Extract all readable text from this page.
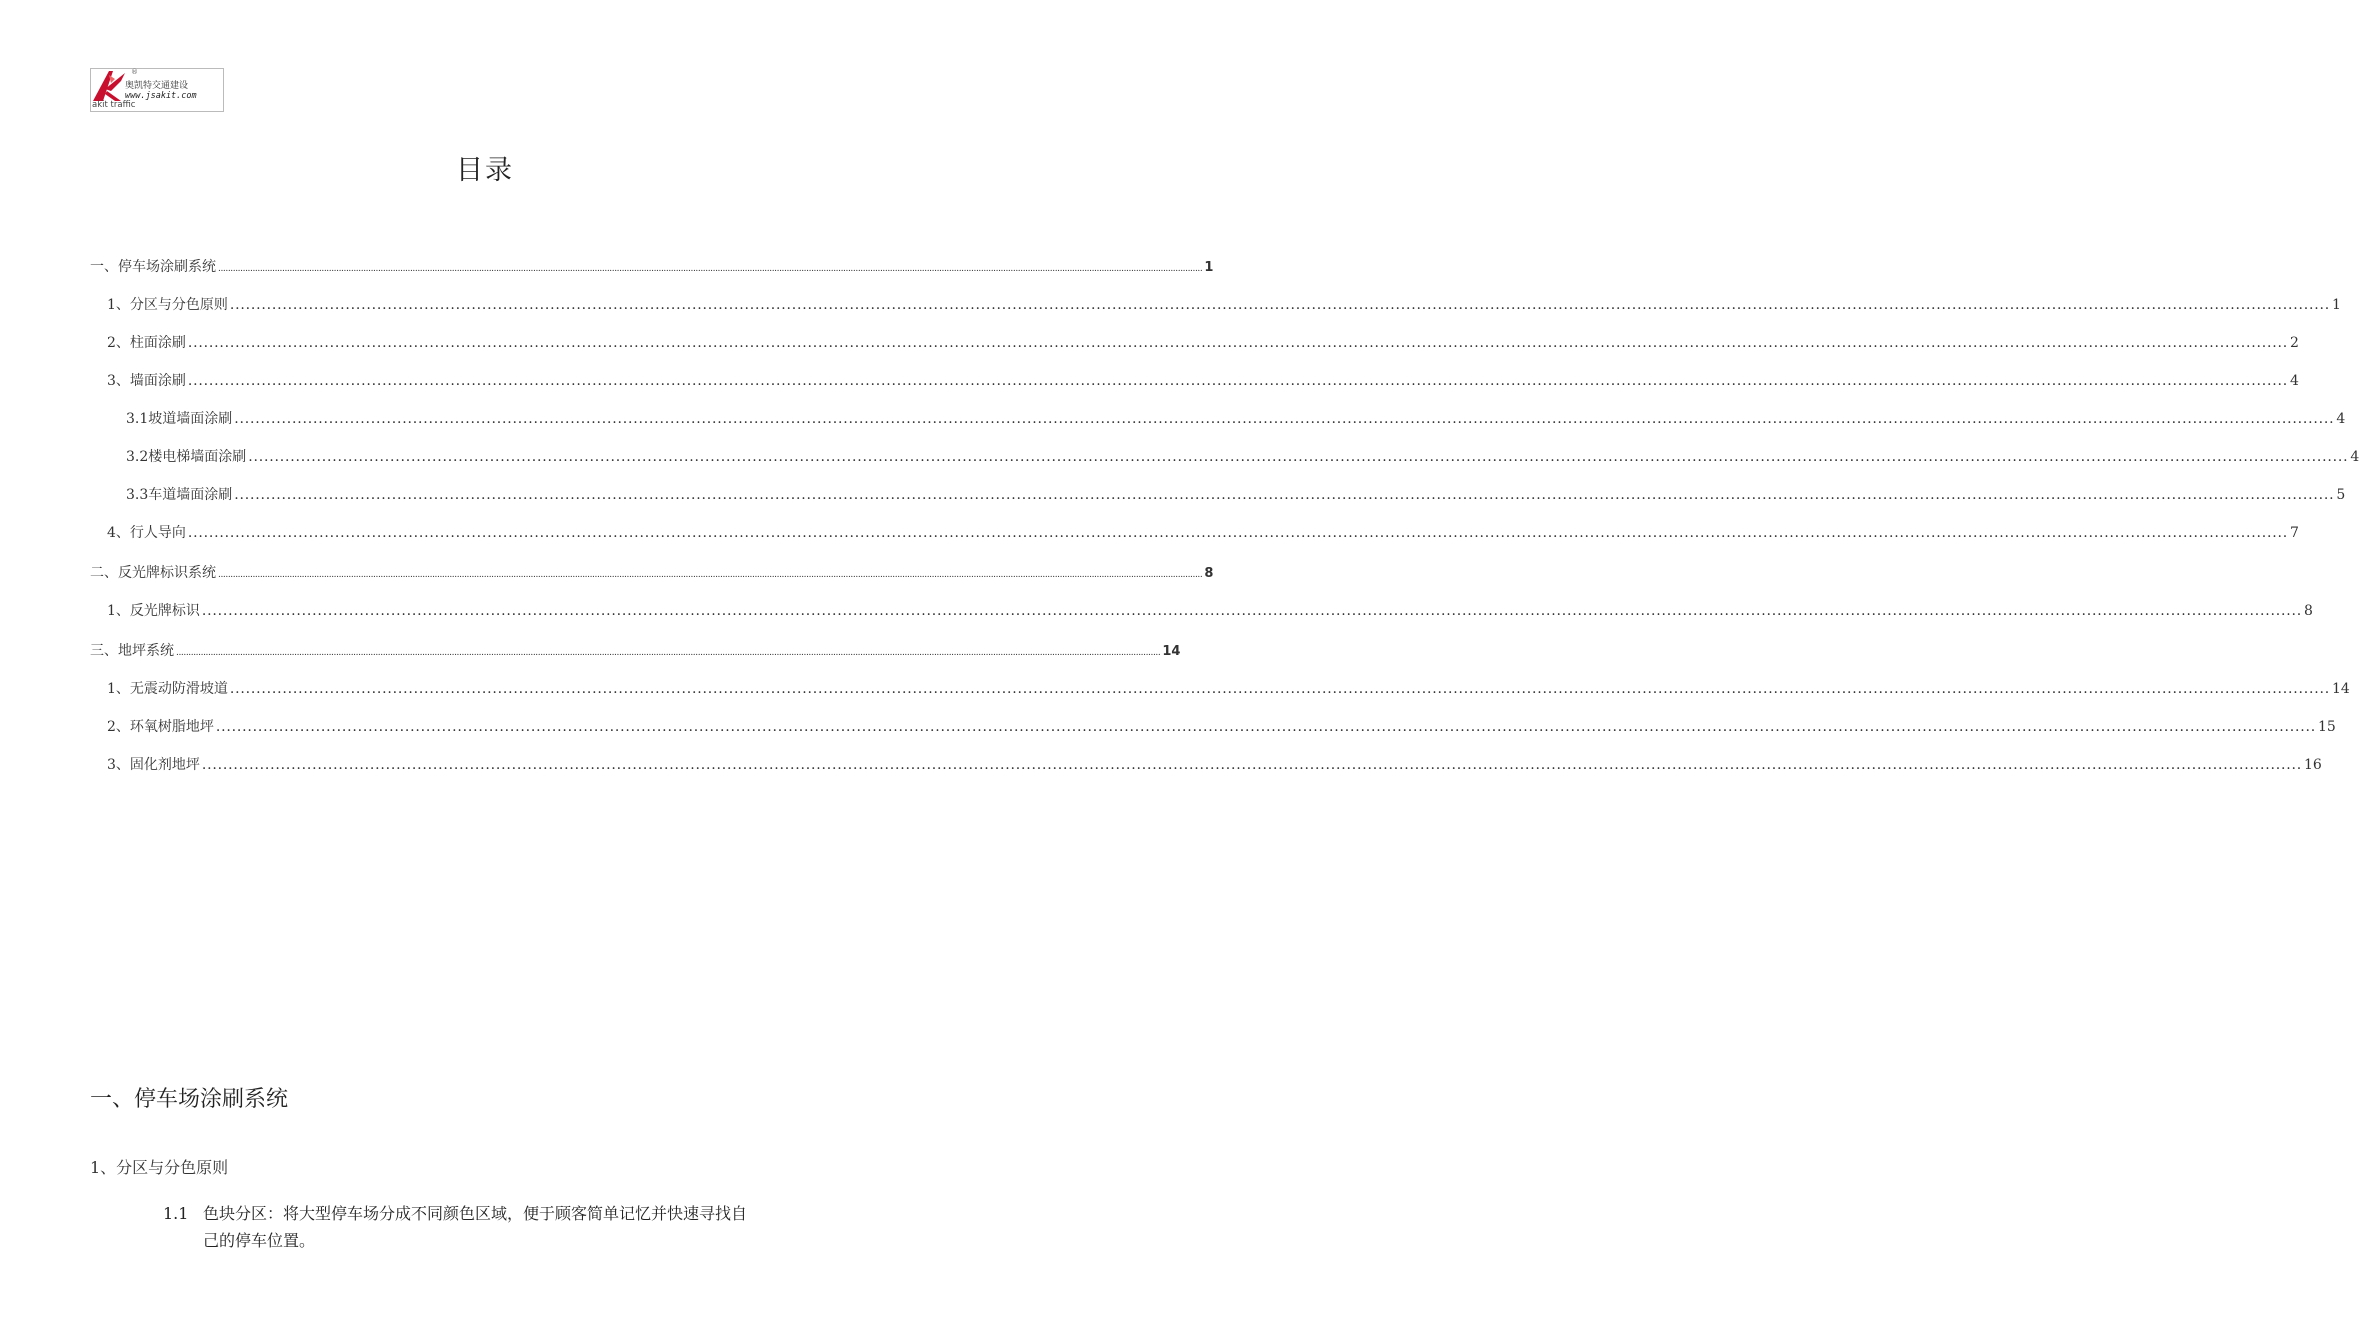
®
奥凯特交通建设
www.jsakit.com
akit traffic
目录
一、停车场涂刷系统 ................................................................................................................................................................................................................................................................................................................................................................................................................ 1
1、分区与分色原则 ................................................................................................................................................................................................................................................................................................................................................................................................................ 1
2、柱面涂刷 ................................................................................................................................................................................................................................................................................................................................................................................................................ 2
3、墙面涂刷 ................................................................................................................................................................................................................................................................................................................................................................................................................ 4
3.1坡道墙面涂刷 ................................................................................................................................................................................................................................................................................................................................................................................................................ 4
3.2楼电梯墙面涂刷 ................................................................................................................................................................................................................................................................................................................................................................................................................ 4
3.3车道墙面涂刷 ................................................................................................................................................................................................................................................................................................................................................................................................................ 5
4、行人导向 ................................................................................................................................................................................................................................................................................................................................................................................................................ 7
二、反光牌标识系统 ................................................................................................................................................................................................................................................................................................................................................................................................................ 8
1、反光牌标识 ................................................................................................................................................................................................................................................................................................................................................................................................................ 8
三、地坪系统 ................................................................................................................................................................................................................................................................................................................................................................................................................ 14
1、无震动防滑坡道 ................................................................................................................................................................................................................................................................................................................................................................................................................ 14
2、环氧树脂地坪 ................................................................................................................................................................................................................................................................................................................................................................................................................ 15
3、固化剂地坪 ................................................................................................................................................................................................................................................................................................................................................................................................................ 16
一、停车场涂刷系统
1、分区与分色原则
1.1 色块分区：将大型停车场分成不同颜色区域，便于顾客简单记忆并快速寻找自
己的停车位置。
